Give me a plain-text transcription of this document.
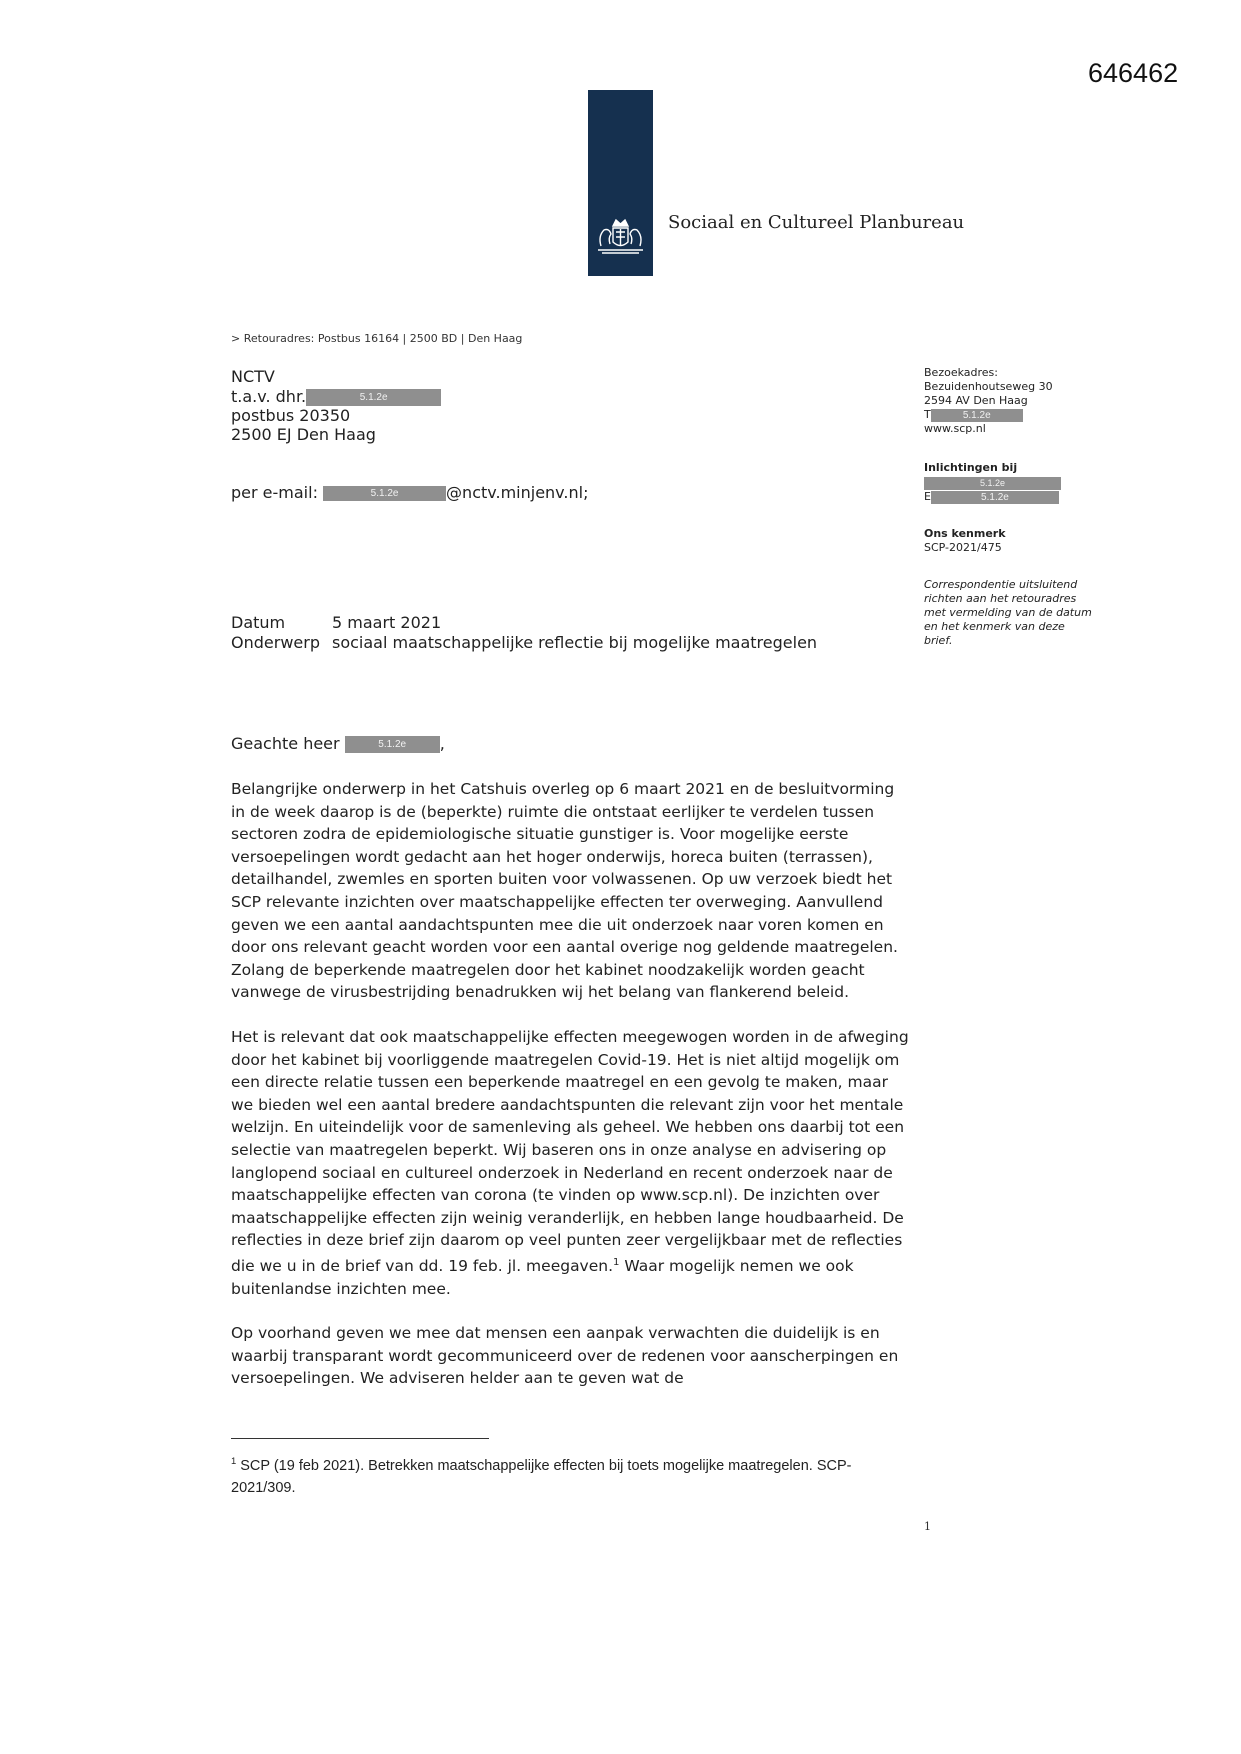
646462
Sociaal en Cultureel Planbureau
> Retouradres: Postbus 16164 | 2500 BD | Den Haag
NCTV
t.a.v. dhr.	5.1.2e
postbus 20350
2500 EJ Den Haag
per e-mail:	5.1.2e	@nctv.minjenv.nl;
Bezoekadres:
Bezuidenhoutseweg 30
2594 AV Den Haag
T	5.1.2e
www.scp.nl
Inlichtingen bij
5.1.2e
E	5.1.2e
Ons kenmerk
SCP-2021/475
Correspondentie uitsluitend richten aan het retouradres met vermelding van de datum en het kenmerk van deze brief.
Datum	5 maart 2021
Onderwerp sociaal maatschappelijke reflectie bij mogelijke maatregelen
Geachte heer	5.1.2e ,

Belangrijke onderwerp in het Catshuis overleg op 6 maart 2021 en de besluitvorming in de week daarop is de (beperkte) ruimte die ontstaat eerlijker te verdelen tussen sectoren zodra de epidemiologische situatie gunstiger is. Voor mogelijke eerste versoepelingen wordt gedacht aan het hoger onderwijs, horeca buiten (terrassen), detailhandel, zwemles en sporten buiten voor volwassenen. Op uw verzoek biedt het SCP relevante inzichten over maatschappelijke effecten ter overweging. Aanvullend geven we een aantal aandachtspunten mee die uit onderzoek naar voren komen en door ons relevant geacht worden voor een aantal overige nog geldende maatregelen. Zolang de beperkende maatregelen door het kabinet noodzakelijk worden geacht vanwege de virusbestrijding benadrukken wij het belang van flankerend beleid.

Het is relevant dat ook maatschappelijke effecten meegewogen worden in de afweging door het kabinet bij voorliggende maatregelen Covid-19. Het is niet altijd mogelijk om een directe relatie tussen een beperkende maatregel en een gevolg te maken, maar we bieden wel een aantal bredere aandachtspunten die relevant zijn voor het mentale welzijn. En uiteindelijk voor de samenleving als geheel. We hebben ons daarbij tot een selectie van maatregelen beperkt. Wij baseren ons in onze analyse en advisering op langlopend sociaal en cultureel onderzoek in Nederland en recent onderzoek naar de maatschappelijke effecten van corona (te vinden op www.scp.nl). De inzichten over maatschappelijke effecten zijn weinig veranderlijk, en hebben lange houdbaarheid. De reflecties in deze brief zijn daarom op veel punten zeer vergelijkbaar met de reflecties die we u in de brief van dd. 19 feb. jl. meegaven.$^1$ Waar mogelijk nemen we ook buitenlandse inzichten mee.

Op voorhand geven we mee dat mensen een aanpak verwachten die duidelijk is en waarbij transparant wordt gecommuniceerd over de redenen voor aanscherpingen en versoepelingen. We adviseren helder aan te geven wat de

$^1$ SCP (19 feb 2021). Betrekken maatschappelijke effecten bij toets mogelijke maatregelen. SCP-2021/309.
1
